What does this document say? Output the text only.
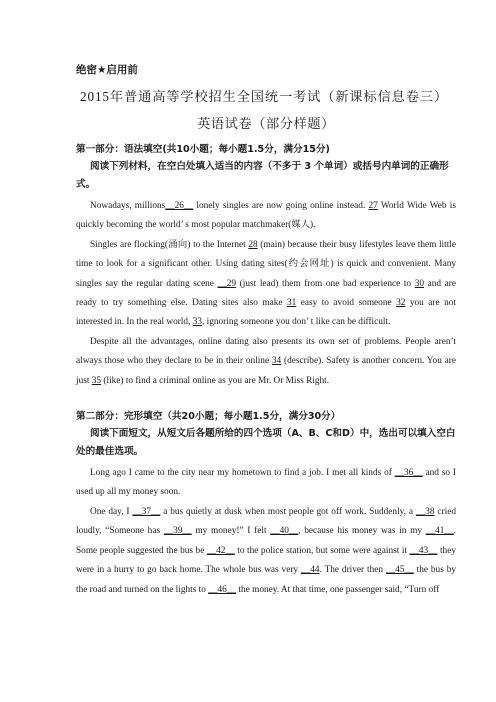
绝密★启用前
2015年普通高等学校招生全国统一考试（新课标信息卷三）
英语试卷（部分样题）
第一部分：语法填空(共10小题；每小题1.5分，满分15分)
阅读下列材料，在空白处填入适当的内容（不多于 3 个单词）或括号内单词的正确形式。

Nowadays, millions__26__ lonely singles are now going online instead. 27 World Wide Web is quickly becoming the world’ s most popular matchmaker(媒人).

Singles are flocking(涌向) to the Internet 28 (main) because their busy lifestyles leave them little time to look for a significant other. Using dating sites(约会网址) is quick and convenient. Many singles say the regular dating scene __29 (just lead) them from one bad experience to 30 and are ready to try something else. Dating sites also make 31 easy to avoid someone 32 you are not interested in. In the real world, 33, ignoring someone you don’ t like can be difficult.

Despite all the advantages, online dating also presents its own set of problems. People aren’t always those who they declare to be in their online 34 (describe). Safety is another concern. You are just 35 (like) to find a criminal online as you are Mr. Or Miss Right.

第二部分：完形填空（共20小题；每小题1.5分，满分30分）
阅读下面短文，从短文后各题所给的四个选项（A、B、C和D）中，选出可以填入空白处的最佳选项。

Long ago I came to the city near my hometown to find a job. I met all kinds of __36__ and so I used up all my money soon.

One day, I __37__ a bus quietly at dusk when most people got off work. Suddenly, a __38 cried loudly, “Someone has __39__ my money!” I felt __40__, because his money was in my __41__. Some people suggested the bus be __42__ to the police station, but some were against it __43__ they were in a hurry to go back home. The whole bus was very __44. The driver then __45__ the bus by the road and turned on the lights to __46__ the money. At that time, one passenger said, “Turn off
